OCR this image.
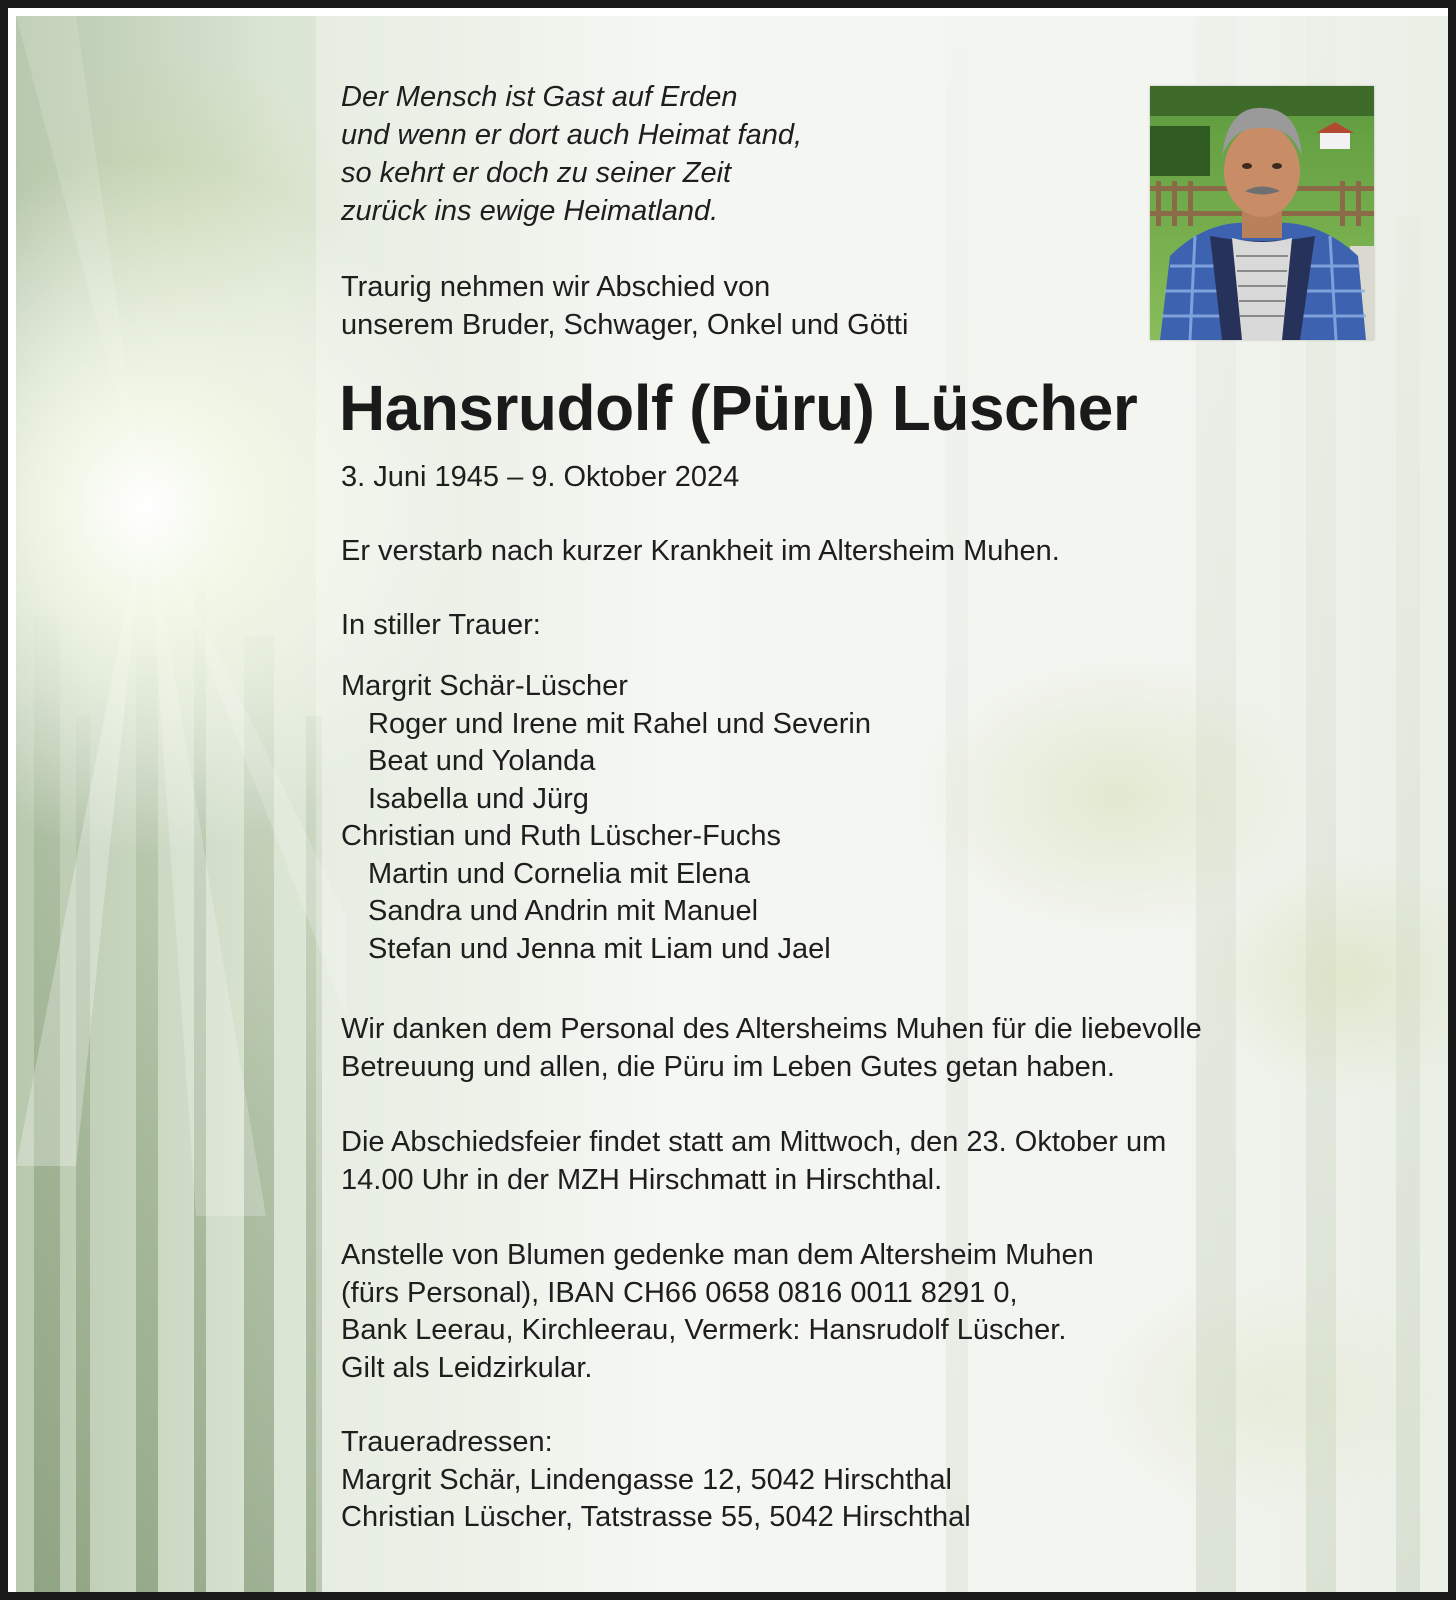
Der Mensch ist Gast auf Erden
und wenn er dort auch Heimat fand,
so kehrt er doch zu seiner Zeit
zurück ins ewige Heimatland.
Traurig nehmen wir Abschied von
unserem Bruder, Schwager, Onkel und Götti
Hansrudolf (Püru) Lüscher
3. Juni 1945 – 9. Oktober 2024
Er verstarb nach kurzer Krankheit im Altersheim Muhen.
In stiller Trauer:
Margrit Schär-Lüscher
Roger und Irene mit Rahel und Severin
Beat und Yolanda
Isabella und Jürg
Christian und Ruth Lüscher-Fuchs
Martin und Cornelia mit Elena
Sandra und Andrin mit Manuel
Stefan und Jenna mit Liam und Jael
Wir danken dem Personal des Altersheims Muhen für die liebevolle
Betreuung und allen, die Püru im Leben Gutes getan haben.
Die Abschiedsfeier findet statt am Mittwoch, den 23. Oktober um
14.00 Uhr in der MZH Hirschmatt in Hirschthal.
Anstelle von Blumen gedenke man dem Altersheim Muhen
(fürs Personal), IBAN CH66 0658 0816 0011 8291 0,
Bank Leerau, Kirchleerau, Vermerk: Hansrudolf Lüscher.
Gilt als Leidzirkular.
Traueradressen:
Margrit Schär, Lindengasse 12, 5042 Hirschthal
Christian Lüscher, Tatstrasse 55, 5042 Hirschthal
